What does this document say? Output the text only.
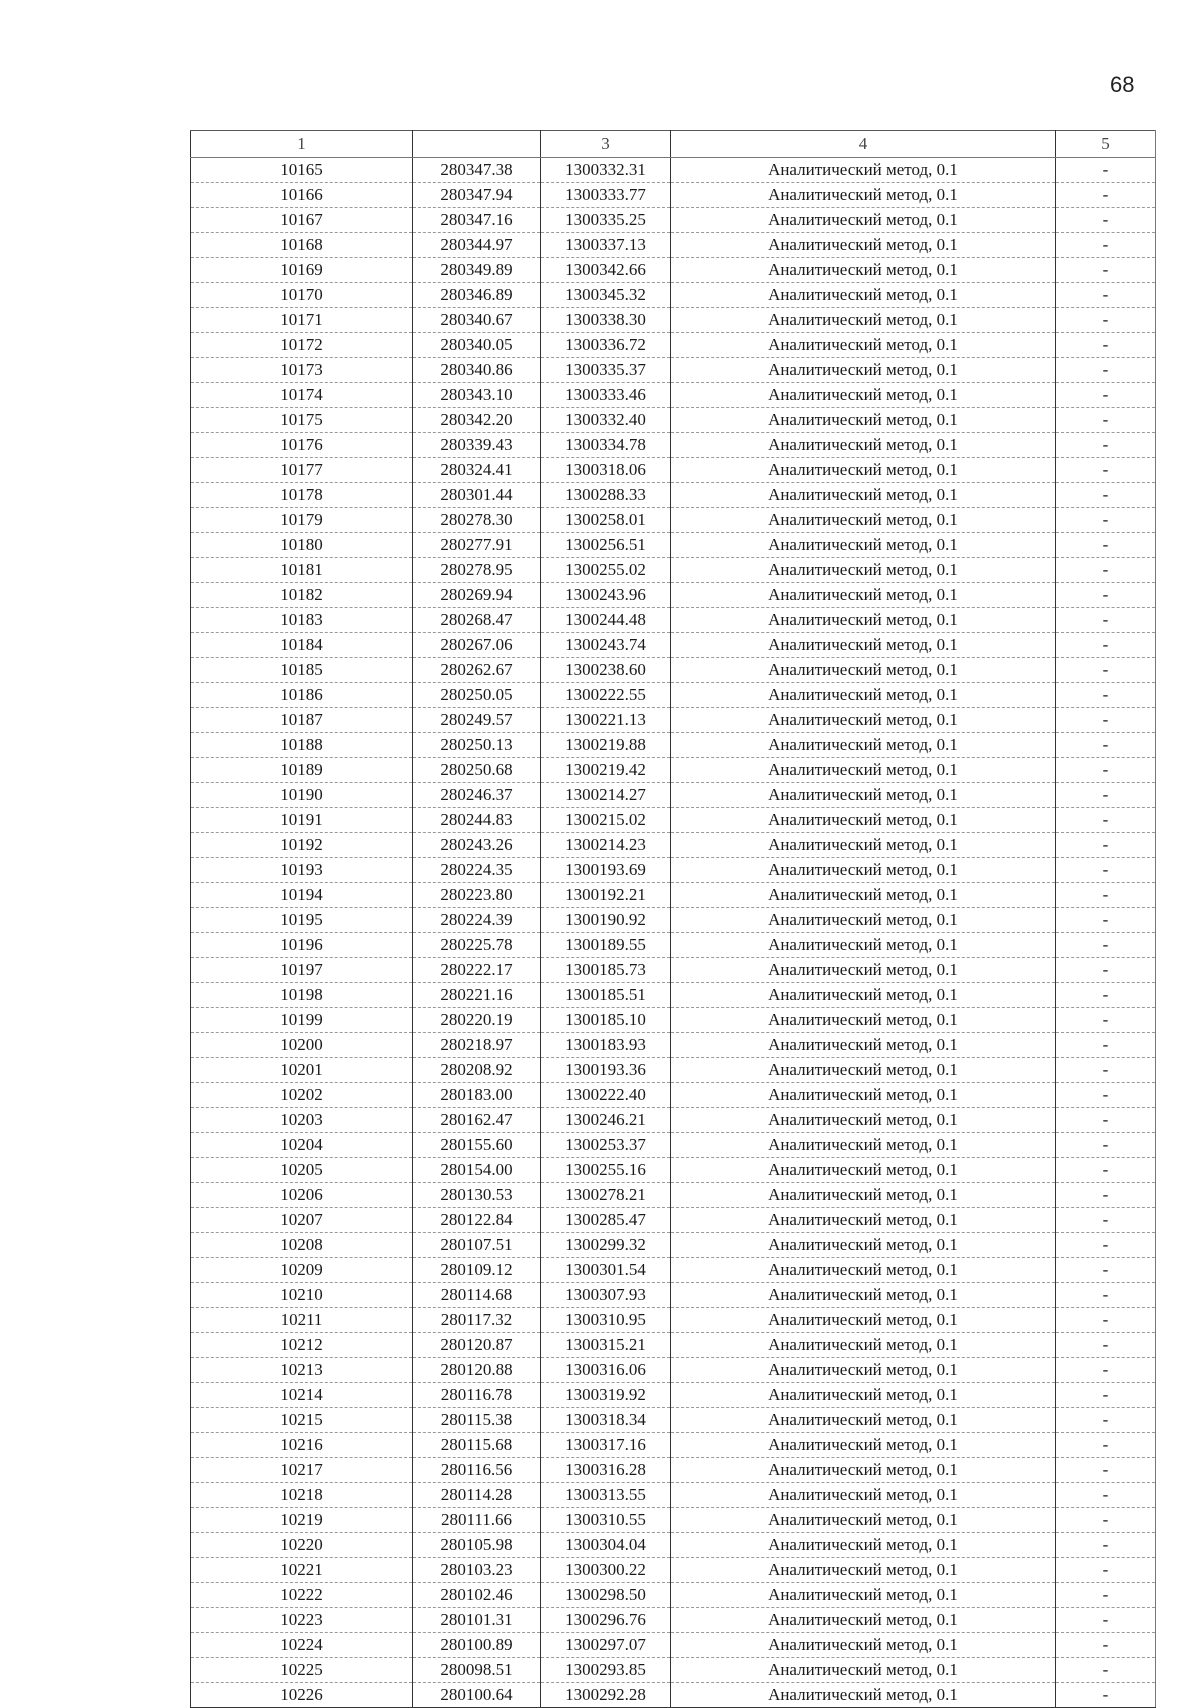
68
1		3	4	5
10165	280347.38	1300332.31	Аналитический метод, 0.1	-
10166	280347.94	1300333.77	Аналитический метод, 0.1	-
10167	280347.16	1300335.25	Аналитический метод, 0.1	-
10168	280344.97	1300337.13	Аналитический метод, 0.1	-
10169	280349.89	1300342.66	Аналитический метод, 0.1	-
10170	280346.89	1300345.32	Аналитический метод, 0.1	-
10171	280340.67	1300338.30	Аналитический метод, 0.1	-
10172	280340.05	1300336.72	Аналитический метод, 0.1	-
10173	280340.86	1300335.37	Аналитический метод, 0.1	-
10174	280343.10	1300333.46	Аналитический метод, 0.1	-
10175	280342.20	1300332.40	Аналитический метод, 0.1	-
10176	280339.43	1300334.78	Аналитический метод, 0.1	-
10177	280324.41	1300318.06	Аналитический метод, 0.1	-
10178	280301.44	1300288.33	Аналитический метод, 0.1	-
10179	280278.30	1300258.01	Аналитический метод, 0.1	-
10180	280277.91	1300256.51	Аналитический метод, 0.1	-
10181	280278.95	1300255.02	Аналитический метод, 0.1	-
10182	280269.94	1300243.96	Аналитический метод, 0.1	-
10183	280268.47	1300244.48	Аналитический метод, 0.1	-
10184	280267.06	1300243.74	Аналитический метод, 0.1	-
10185	280262.67	1300238.60	Аналитический метод, 0.1	-
10186	280250.05	1300222.55	Аналитический метод, 0.1	-
10187	280249.57	1300221.13	Аналитический метод, 0.1	-
10188	280250.13	1300219.88	Аналитический метод, 0.1	-
10189	280250.68	1300219.42	Аналитический метод, 0.1	-
10190	280246.37	1300214.27	Аналитический метод, 0.1	-
10191	280244.83	1300215.02	Аналитический метод, 0.1	-
10192	280243.26	1300214.23	Аналитический метод, 0.1	-
10193	280224.35	1300193.69	Аналитический метод, 0.1	-
10194	280223.80	1300192.21	Аналитический метод, 0.1	-
10195	280224.39	1300190.92	Аналитический метод, 0.1	-
10196	280225.78	1300189.55	Аналитический метод, 0.1	-
10197	280222.17	1300185.73	Аналитический метод, 0.1	-
10198	280221.16	1300185.51	Аналитический метод, 0.1	-
10199	280220.19	1300185.10	Аналитический метод, 0.1	-
10200	280218.97	1300183.93	Аналитический метод, 0.1	-
10201	280208.92	1300193.36	Аналитический метод, 0.1	-
10202	280183.00	1300222.40	Аналитический метод, 0.1	-
10203	280162.47	1300246.21	Аналитический метод, 0.1	-
10204	280155.60	1300253.37	Аналитический метод, 0.1	-
10205	280154.00	1300255.16	Аналитический метод, 0.1	-
10206	280130.53	1300278.21	Аналитический метод, 0.1	-
10207	280122.84	1300285.47	Аналитический метод, 0.1	-
10208	280107.51	1300299.32	Аналитический метод, 0.1	-
10209	280109.12	1300301.54	Аналитический метод, 0.1	-
10210	280114.68	1300307.93	Аналитический метод, 0.1	-
10211	280117.32	1300310.95	Аналитический метод, 0.1	-
10212	280120.87	1300315.21	Аналитический метод, 0.1	-
10213	280120.88	1300316.06	Аналитический метод, 0.1	-
10214	280116.78	1300319.92	Аналитический метод, 0.1	-
10215	280115.38	1300318.34	Аналитический метод, 0.1	-
10216	280115.68	1300317.16	Аналитический метод, 0.1	-
10217	280116.56	1300316.28	Аналитический метод, 0.1	-
10218	280114.28	1300313.55	Аналитический метод, 0.1	-
10219	280111.66	1300310.55	Аналитический метод, 0.1	-
10220	280105.98	1300304.04	Аналитический метод, 0.1	-
10221	280103.23	1300300.22	Аналитический метод, 0.1	-
10222	280102.46	1300298.50	Аналитический метод, 0.1	-
10223	280101.31	1300296.76	Аналитический метод, 0.1	-
10224	280100.89	1300297.07	Аналитический метод, 0.1	-
10225	280098.51	1300293.85	Аналитический метод, 0.1	-
10226	280100.64	1300292.28	Аналитический метод, 0.1	-
